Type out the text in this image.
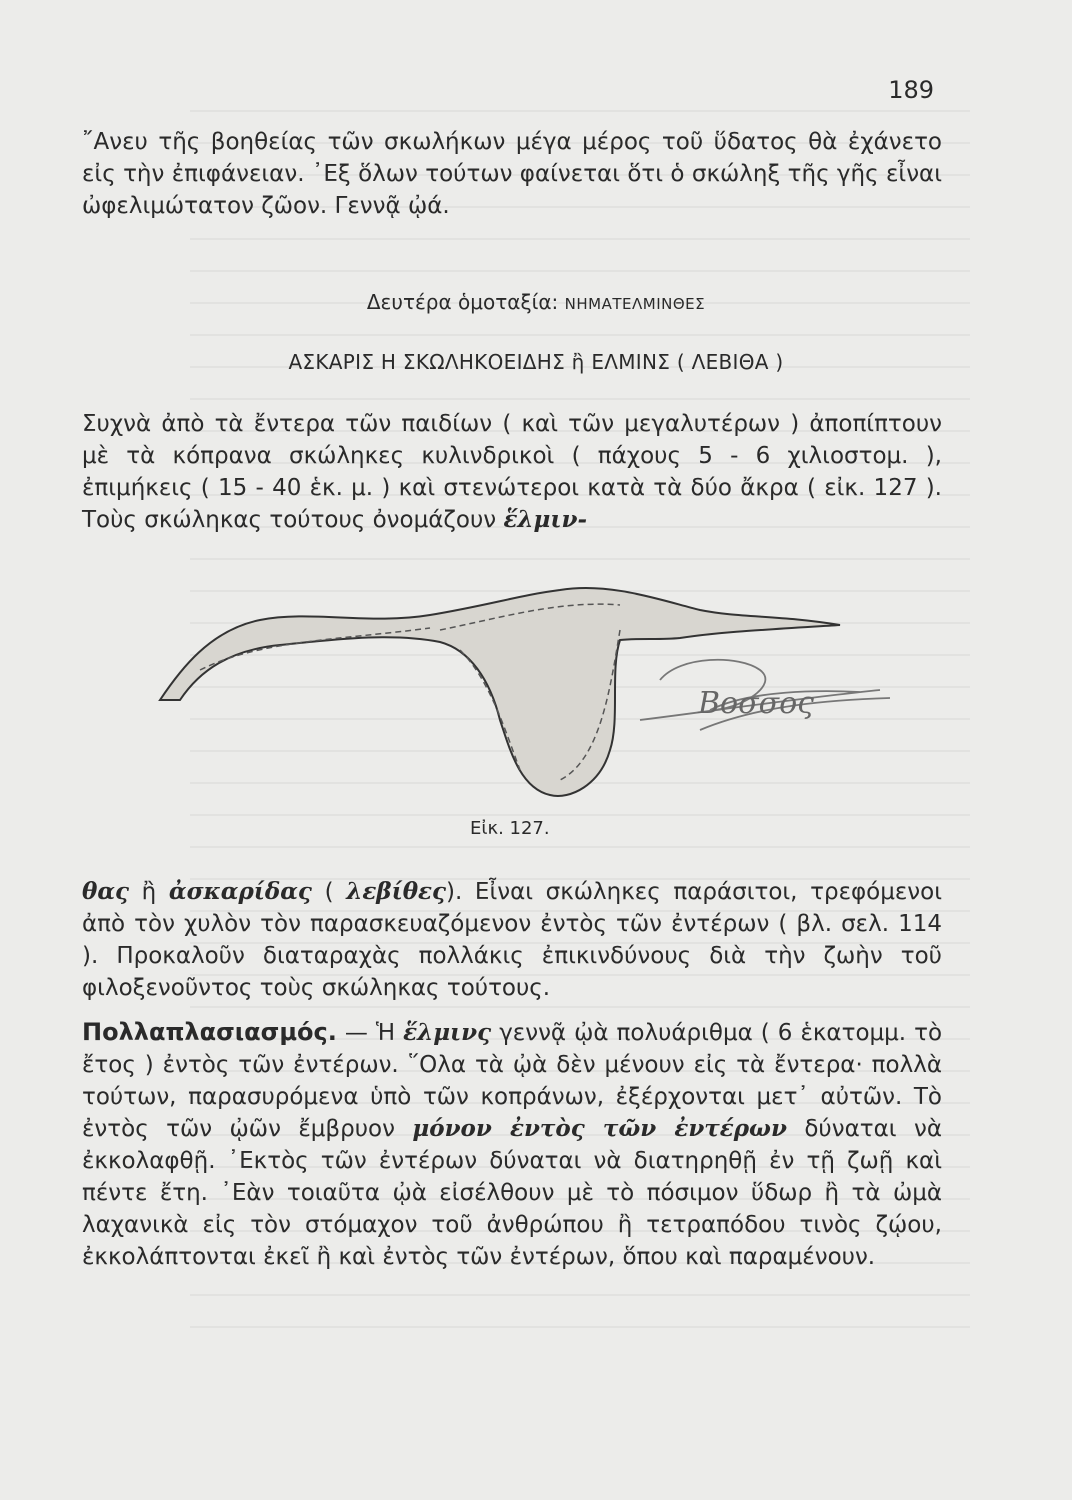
189

῎Ανευ τῆς βοηθείας τῶν σκωλήκων μέγα μέρος τοῦ ὕδατος θὰ ἐχάνετο εἰς τὴν ἐπιφάνειαν. ᾿Εξ ὅλων τούτων φαίνεται ὅτι ὁ σκώληξ τῆς γῆς εἶναι ὠφελιμώτατον ζῶον. Γεννᾷ ᾠά.

Δευτέρα ὁμοταξία: ΝΗΜΑΤΕΛΜΙΝΘΕΣ
ΑΣΚΑΡΙΣ Η ΣΚΩΛΗΚΟΕΙΔΗΣ ἢ ΕΛΜΙΝΣ ( ΛΕΒΙΘΑ )

Συχνὰ ἀπὸ τὰ ἔντερα τῶν παιδίων ( καὶ τῶν μεγαλυτέρων ) ἀποπίπτουν μὲ τὰ κόπρανα σκώληκες κυλινδρικοὶ ( πάχους 5 - 6 χιλιοστομ. ), ἐπιμήκεις ( 15 - 40 ἑκ. μ. ) καὶ στενώτεροι κατὰ τὰ δύο ἄκρα ( εἰκ. 127 ). Τοὺς σκώληκας τούτους ὀνομάζουν ἕλμιν-

Βοσσος
Εἰκ. 127.

θας ἢ ἀσκαρίδας ( λεβίθες). Εἶναι σκώληκες παράσιτοι, τρεφόμενοι ἀπὸ τὸν χυλὸν τὸν παρασκευαζόμενον ἐντὸς τῶν ἐντέρων ( βλ. σελ. 114 ). Προκαλοῦν διαταραχὰς πολλάκις ἐπικινδύνους διὰ τὴν ζωὴν τοῦ φιλοξενοῦντος τοὺς σκώληκας τούτους.

Πολλαπλασιασμός. — Ἡ ἕλμινς γεννᾷ ᾠὰ πολυάριθμα ( 6 ἑκατομμ. τὸ ἔτος ) ἐντὸς τῶν ἐντέρων. ῞Ολα τὰ ᾠὰ δὲν μένουν εἰς τὰ ἔντερα· πολλὰ τούτων, παρασυρόμενα ὑπὸ τῶν κοπράνων, ἐξέρχονται μετ᾿ αὐτῶν. Τὸ ἐντὸς τῶν ᾠῶν ἔμβρυον μόνον ἐντὸς τῶν ἐντέρων δύναται νὰ ἐκκολαφθῇ. ᾿Εκτὸς τῶν ἐντέρων δύναται νὰ διατηρηθῇ ἐν τῇ ζωῇ καὶ πέντε ἔτη. ᾿Εὰν τοιαῦτα ᾠὰ εἰσέλθουν μὲ τὸ πόσιμον ὕδωρ ἢ τὰ ὠμὰ λαχανικὰ εἰς τὸν στόμαχον τοῦ ἀνθρώπου ἢ τετραπόδου τινὸς ζῴου, ἐκκολάπτονται ἐκεῖ ἢ καὶ ἐντὸς τῶν ἐντέρων, ὅπου καὶ παραμένουν.
